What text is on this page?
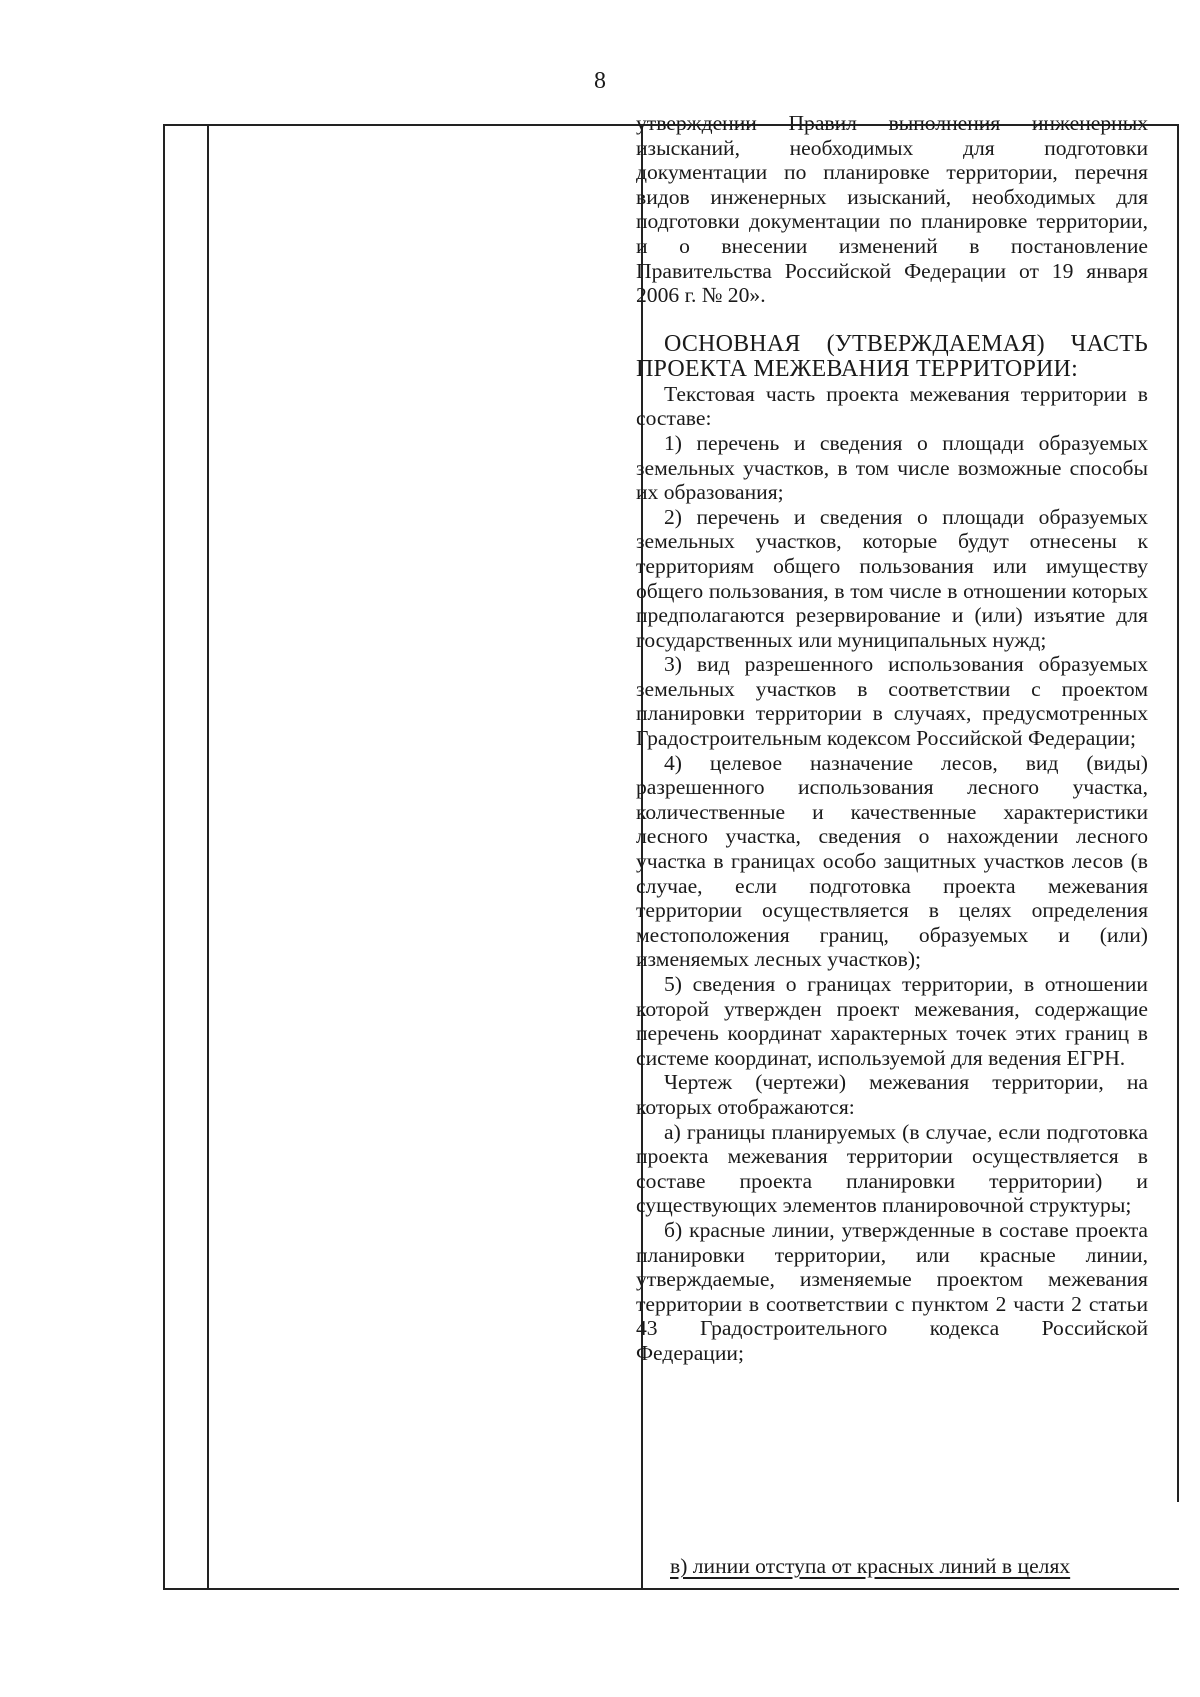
8

утверждении Правил выполнения инженерных изысканий, необходимых для подготовки документации по планировке территории, перечня видов инженерных изысканий, необходимых для подготовки документации по планировке территории, и о внесении изменений в постановление Правительства Российской Федерации от 19 января 2006 г. № 20».

ОСНОВНАЯ (УТВЕРЖДАЕМАЯ) ЧАСТЬ ПРОЕКТА МЕЖЕВАНИЯ ТЕРРИТОРИИ:

Текстовая часть проекта межевания территории в составе:

1) перечень и сведения о площади образуемых земельных участков, в том числе возможные способы их образования;

2) перечень и сведения о площади образуемых земельных участков, которые будут отнесены к территориям общего пользования или имуществу общего пользования, в том числе в отношении которых предполагаются резервирование и (или) изъятие для государственных или муниципальных нужд;

3) вид разрешенного использования образуемых земельных участков в соответствии с проектом планировки территории в случаях, предусмотренных Градостроительным кодексом Российской Федерации;

4) целевое назначение лесов, вид (виды) разрешенного использования лесного участка, количественные и качественные характеристики лесного участка, сведения о нахождении лесного участка в границах особо защитных участков лесов (в случае, если подготовка проекта межевания территории осуществляется в целях определения местоположения границ, образуемых и (или) изменяемых лесных участков);

5) сведения о границах территории, в отношении которой утвержден проект межевания, содержащие перечень координат характерных точек этих границ в системе координат, используемой для ведения ЕГРН.

Чертеж (чертежи) межевания территории, на которых отображаются:

а) границы планируемых (в случае, если подготовка проекта межевания территории осуществляется в составе проекта планировки территории) и существующих элементов планировочной структуры;

б) красные линии, утвержденные в составе проекта планировки территории, или красные линии, утверждаемые, изменяемые проектом межевания территории в соответствии с пунктом 2 части 2 статьи 43 Градостроительного кодекса Российской Федерации;

в) линии отступа от красных линий в целях
